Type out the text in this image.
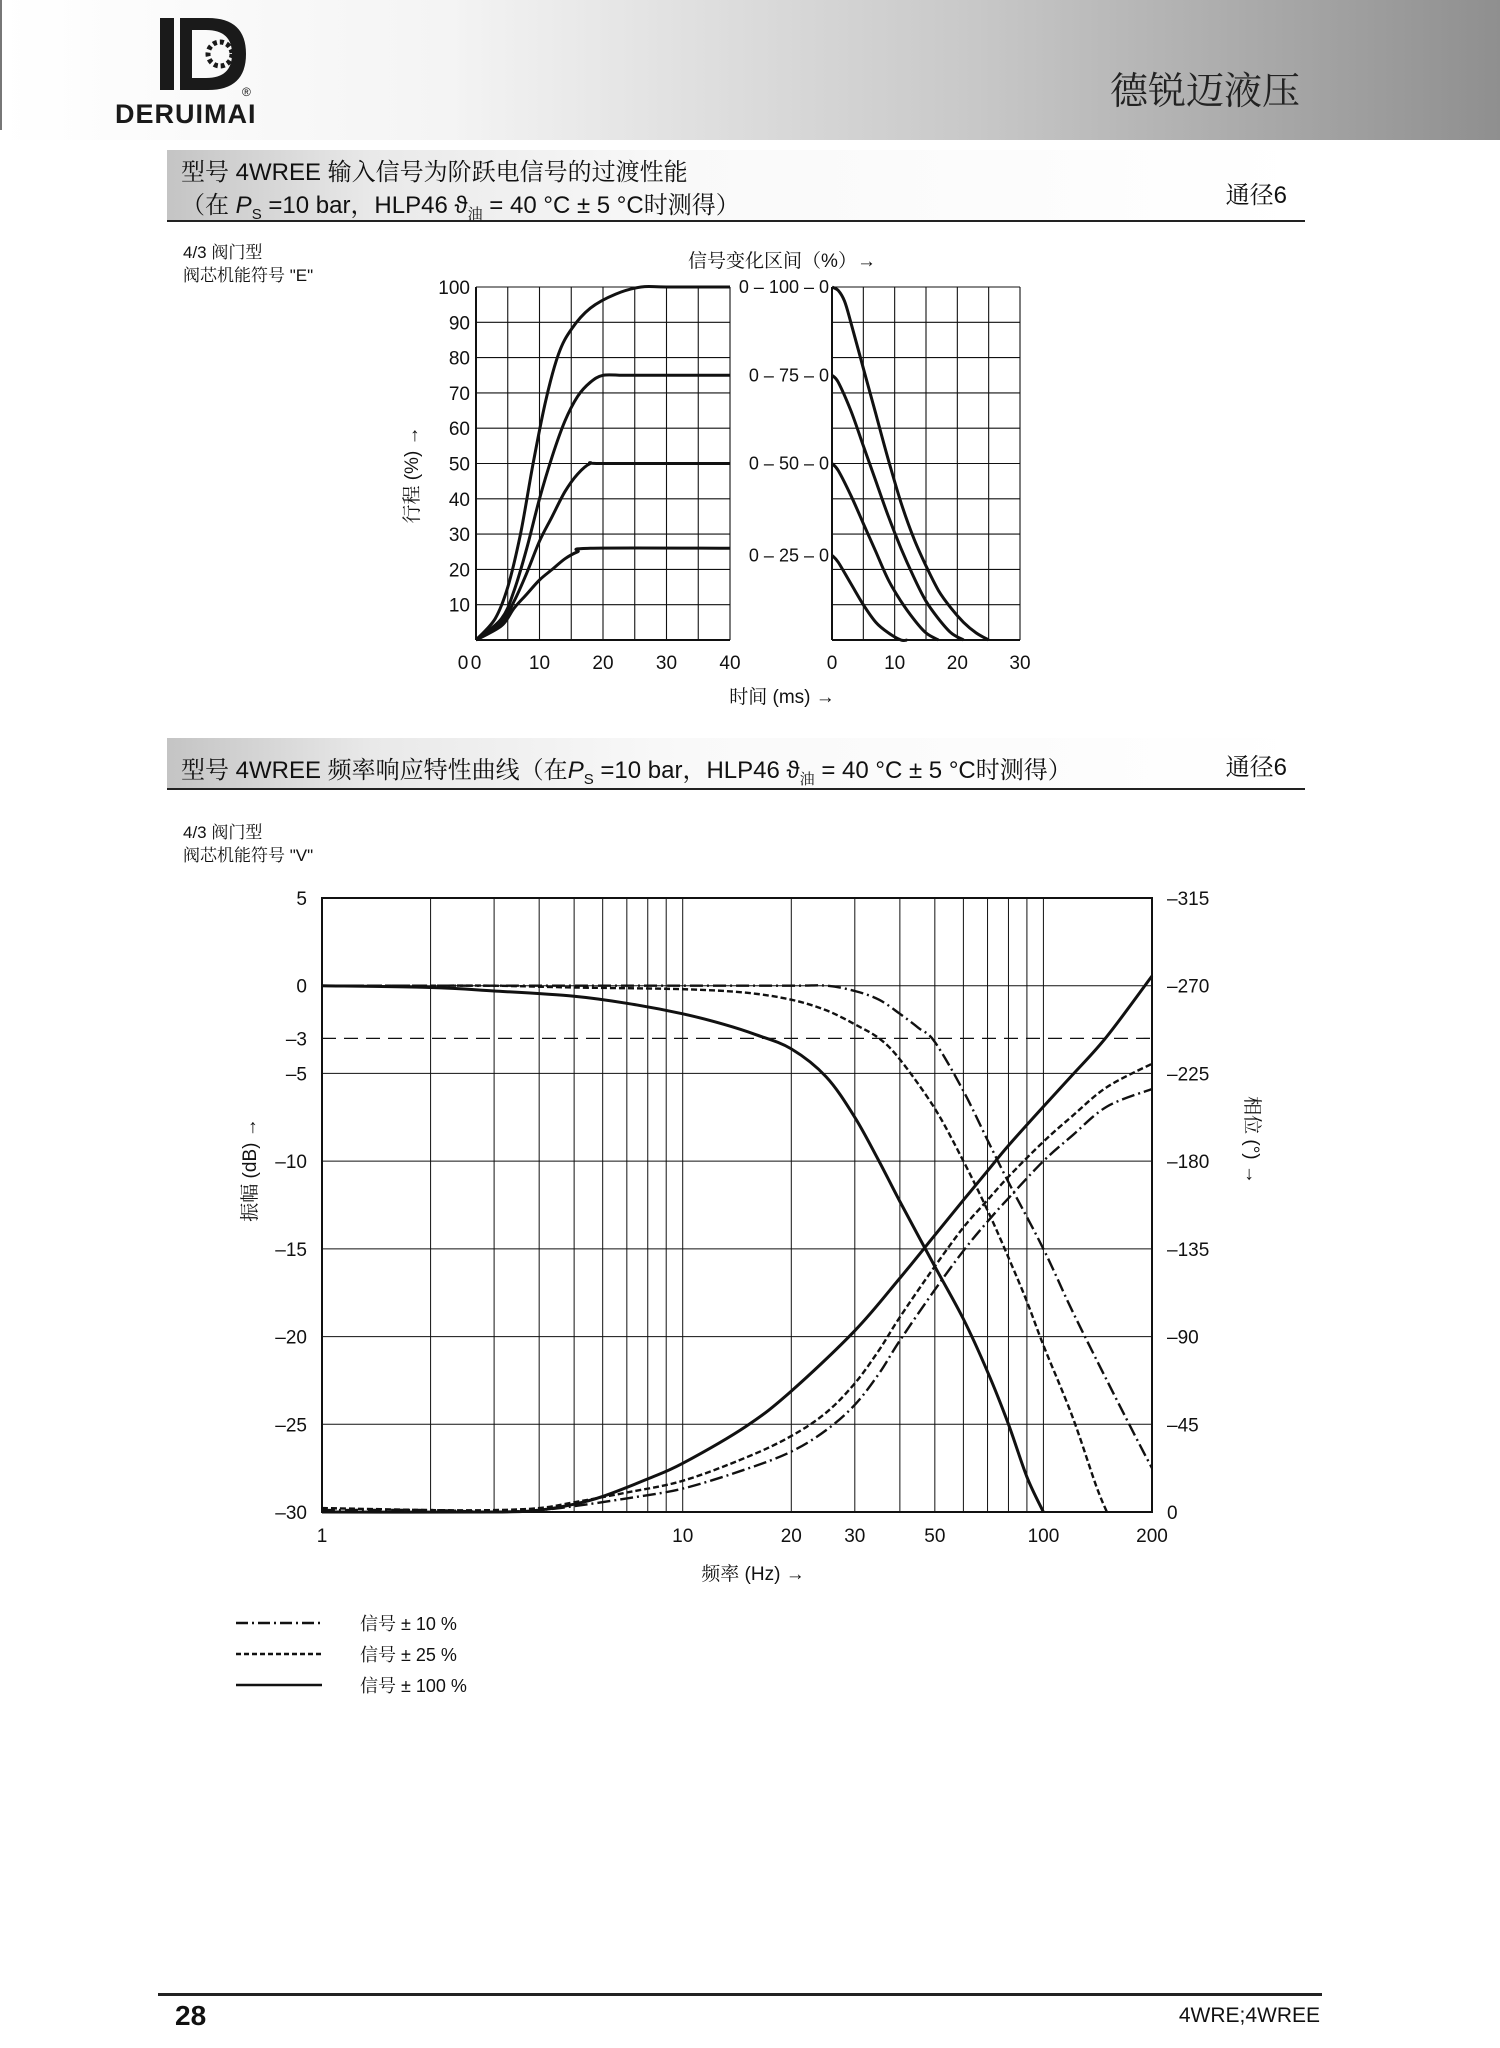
®
DERUIMAI
德锐迈液压
型号 4WREE 输入信号为阶跃电信号的过渡性能
（在 $P_S =10$ bar，HLP46 $ϑ_油 = 40$ °C ± 5 °C时测得）	通径6
4/3 阀门型
阀芯机能符号 "E"
信号变化区间（%）→
时间 (ms) →
行程 (%) →
0	10 20 30 40	0 10 20 30
10
20
30
40
50
60
70
80
90
100
0
0 – 100 – 0
0 – 75 – 0
0 – 50 – 0
0 – 25 – 0
型号 4WREE 频率响应特性曲线（在$P_S =10$ bar，HLP46 $ϑ_油 = 40$ °C ± 5 °C时测得）	通径6
4/3 阀门型
阀芯机能符号 "V"
频率 (Hz) →
振幅 (dB) →	相位 (°) →
1	10	20 30	50	100	200
5
0
–3
–5
–10
–15
–20
–25
–30
–315
–270
–225
–180
–135
–90
–45
0
信号 ± 10 %
信号 ± 25 %
信号 ± 100 %
28	4WRE;4WREE
